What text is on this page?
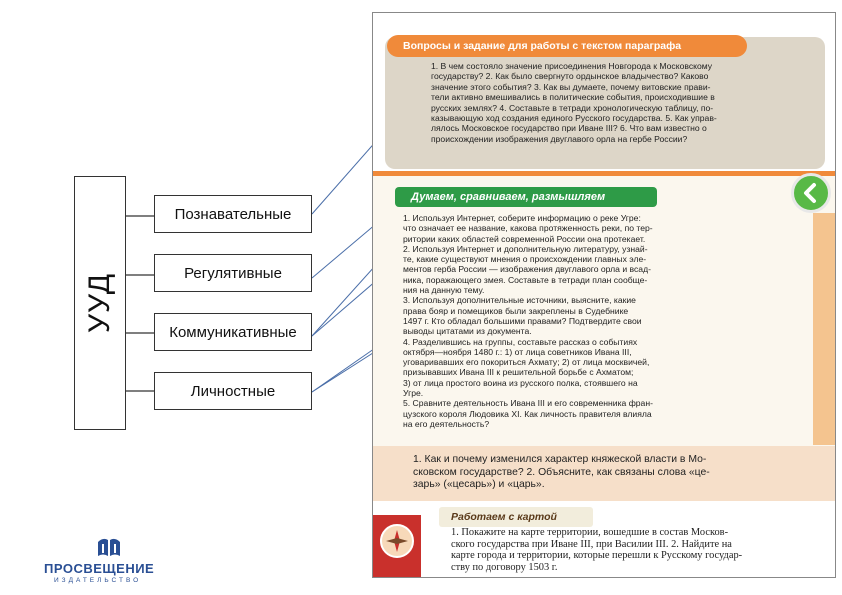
УУД
Познавательные
Регулятивные
Коммуникативные
Личностные
Вопросы и задание для работы с текстом параграфа

1. В чем состояло значение присоединения Новгорода к Московскому

государству? 2. Как было свергнуто ордынское владычество? Каково

значение этого события? 3. Как вы думаете, почему витовские прави-

тели активно вмешивались в политические события, происходившие в

русских землях? 4. Составьте в тетради хронологическую таблицу, по-

казывающую ход создания единого Русского государства. 5. Как управ-

лялось Московское государство при Иване III? 6. Что вам известно о

происхождении изображения двуглавого орла на гербе России?

Думаем, сравниваем, размышляем

1. Используя Интернет, соберите информацию о реке Угре:

что означает ее название, какова протяженность реки, по тер-

ритории каких областей современной России она протекает.

2. Используя Интернет и дополнительную литературу, узнай-

те, какие существуют мнения о происхождении главных эле-

ментов герба России — изображения двуглавого орла и всад-

ника, поражающего змея. Составьте в тетради план сообще-

ния на данную тему.

3. Используя дополнительные источники, выясните, какие

права бояр и помещиков были закреплены в Судебнике

1497 г. Кто обладал большими правами? Подтвердите свои

выводы цитатами из документа.

4. Разделившись на группы, составьте рассказ о событиях

октября—ноября 1480 г.: 1) от лица советников Ивана III,

уговаривавших его покориться Ахмату; 2) от лица москвичей,

призывавших Ивана III к решительной борьбе с Ахматом;

3) от лица простого воина из русского полка, стоявшего на

Угре.

5. Сравните деятельность Ивана III и его современника фран-

цузского короля Людовика XI. Как личность правителя влияла

на его деятельность?

1. Как и почему изменился характер княжеской власти в Мо-

сковском государстве? 2. Объясните, как связаны слова «це-

зарь» («цесарь») и «царь».

Работаем с картой

1. Покажите на карте территории, вошедшие в состав Москов-

ского государства при Иване III, при Василии III. 2. Найдите на

карте города и территории, которые перешли к Русскому государ-

ству по договору 1503 г.

ПРОСВЕЩЕНИЕ
ИЗДАТЕЛЬСТВО
